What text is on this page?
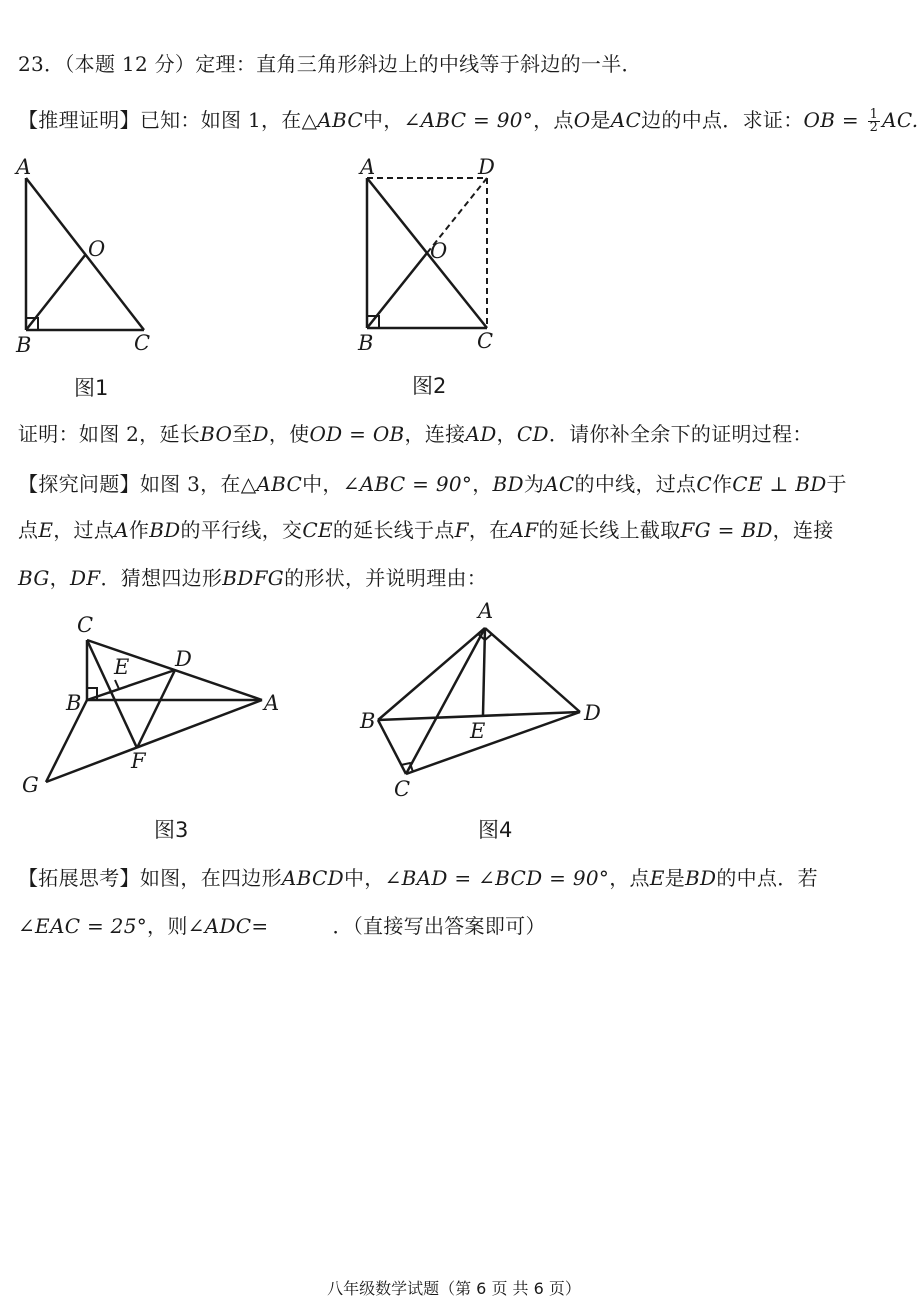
23．（本题 12 分）定理：直角三角形斜边上的中线等于斜边的一半．
【推理证明】已知：如图 1，在△ABC中，∠ABC = 90°，点O是AC边的中点．求证：OB = $\frac{1}{2}$ AC.
A
O
B	C
图1
A	D
O
B	C
图2
证明：如图 2，延长BO至D，使OD = OB，连接AD，CD．请你补全余下的证明过程：
【探究问题】如图 3，在△ABC中，∠ABC = 90°，BD为AC的中线，过点C作CE ⊥ BD于
点E，过点A作BD的平行线，交CE的延长线于点F，在AF的延长线上截取FG = BD，连接
BG，DF．猜想四边形BDFG的形状，并说明理由：
C
E D
B	A
F
G
图3
A
B	E
D
C
图4
【拓展思考】如图，在四边形ABCD中，∠BAD = ∠BCD = 90°，点E是BD的中点．若
∠EAC = 25°，则∠ADC=	．（直接写出答案即可）
八年级数学试题（第 6 页 共 6 页）
